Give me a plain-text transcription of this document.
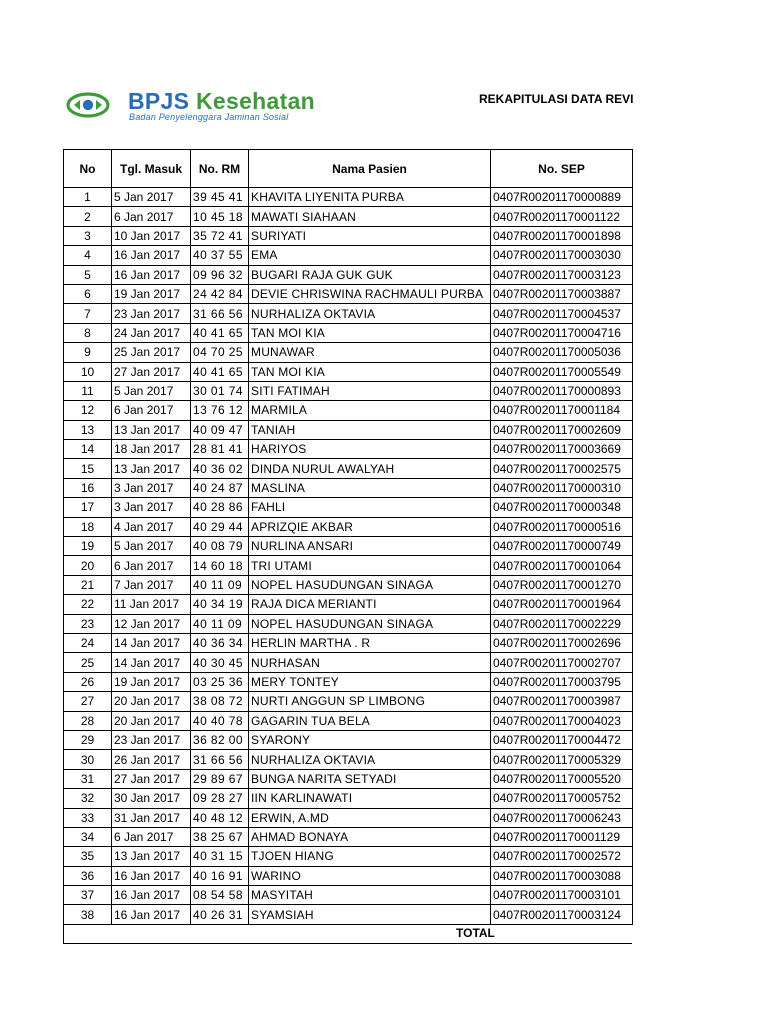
BPJS Kesehatan
Badan Penyelenggara Jaminan Sosial
REKAPITULASI DATA REVI
No	Tgl. Masuk	No. RM	Nama Pasien	No. SEP
1	5 Jan 2017	39 45 41	KHAVITA LIYENITA PURBA	0407R00201170000889
2	6 Jan 2017	10 45 18	MAWATI SIAHAAN	0407R00201170001122
3	10 Jan 2017	35 72 41	SURIYATI	0407R00201170001898
4	16 Jan 2017	40 37 55	EMA	0407R00201170003030
5	16 Jan 2017	09 96 32	BUGARI RAJA GUK GUK	0407R00201170003123
6	19 Jan 2017	24 42 84	DEVIE CHRISWINA RACHMAULI PURBA	0407R00201170003887
7	23 Jan 2017	31 66 56	NURHALIZA OKTAVIA	0407R00201170004537
8	24 Jan 2017	40 41 65	TAN MOI KIA	0407R00201170004716
9	25 Jan 2017	04 70 25	MUNAWAR	0407R00201170005036
10	27 Jan 2017	40 41 65	TAN MOI KIA	0407R00201170005549
11	5 Jan 2017	30 01 74	SITI FATIMAH	0407R00201170000893
12	6 Jan 2017	13 76 12	MARMILA	0407R00201170001184
13	13 Jan 2017	40 09 47	TANIAH	0407R00201170002609
14	18 Jan 2017	28 81 41	HARIYOS	0407R00201170003669
15	13 Jan 2017	40 36 02	DINDA NURUL AWALYAH	0407R00201170002575
16	3 Jan 2017	40 24 87	MASLINA	0407R00201170000310
17	3 Jan 2017	40 28 86	FAHLI	0407R00201170000348
18	4 Jan 2017	40 29 44	APRIZQIE AKBAR	0407R00201170000516
19	5 Jan 2017	40 08 79	NURLINA ANSARI	0407R00201170000749
20	6 Jan 2017	14 60 18	TRI UTAMI	0407R00201170001064
21	7 Jan 2017	40 11 09	NOPEL HASUDUNGAN SINAGA	0407R00201170001270
22	11 Jan 2017	40 34 19	RAJA DICA MERIANTI	0407R00201170001964
23	12 Jan 2017	40 11 09	NOPEL HASUDUNGAN SINAGA	0407R00201170002229
24	14 Jan 2017	40 36 34	HERLIN MARTHA . R	0407R00201170002696
25	14 Jan 2017	40 30 45	NURHASAN	0407R00201170002707
26	19 Jan 2017	03 25 36	MERY TONTEY	0407R00201170003795
27	20 Jan 2017	38 08 72	NURTI ANGGUN SP LIMBONG	0407R00201170003987
28	20 Jan 2017	40 40 78	GAGARIN TUA BELA	0407R00201170004023
29	23 Jan 2017	36 82 00	SYARONY	0407R00201170004472
30	26 Jan 2017	31 66 56	NURHALIZA OKTAVIA	0407R00201170005329
31	27 Jan 2017	29 89 67	BUNGA NARITA SETYADI	0407R00201170005520
32	30 Jan 2017	09 28 27	IIN KARLINAWATI	0407R00201170005752
33	31 Jan 2017	40 48 12	ERWIN, A.MD	0407R00201170006243
34	6 Jan 2017	38 25 67	AHMAD BONAYA	0407R00201170001129
35	13 Jan 2017	40 31 15	TJOEN HIANG	0407R00201170002572
36	16 Jan 2017	40 16 91	WARINO	0407R00201170003088
37	16 Jan 2017	08 54 58	MASYITAH	0407R00201170003101
38	16 Jan 2017	40 26 31	SYAMSIAH	0407R00201170003124
TOTAL
